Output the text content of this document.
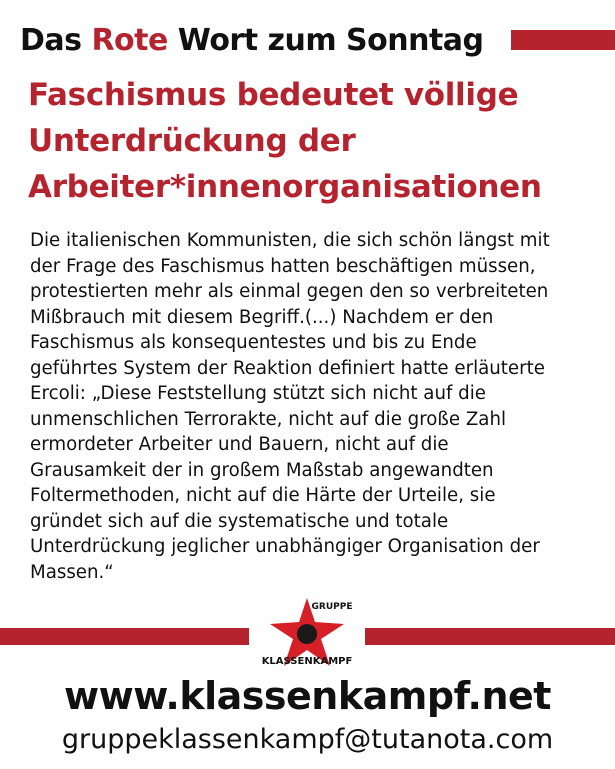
Das Rote Wort zum Sonntag
Faschismus bedeutet völlige
Unterdrückung der
Arbeiter*innenorganisationen
Die italienischen Kommunisten, die sich schön längst mit
der Frage des Faschismus hatten beschäftigen müssen,
protestierten mehr als einmal gegen den so verbreiteten
Mißbrauch mit diesem Begriff.(...) Nachdem er den
Faschismus als konsequentestes und bis zu Ende
geführtes System der Reaktion definiert hatte erläuterte
Ercoli: „Diese Feststellung stützt sich nicht auf die
unmenschlichen Terrorakte, nicht auf die große Zahl
ermordeter Arbeiter und Bauern, nicht auf die
Grausamkeit der in großem Maßstab angewandten
Foltermethoden, nicht auf die Härte der Urteile, sie
gründet sich auf die systematische und totale
Unterdrückung jeglicher unabhängiger Organisation der
Massen.“
GRUPPE
KLASSENKAMPF
www.klassenkampf.net
gruppeklassenkampf@tutanota.com
